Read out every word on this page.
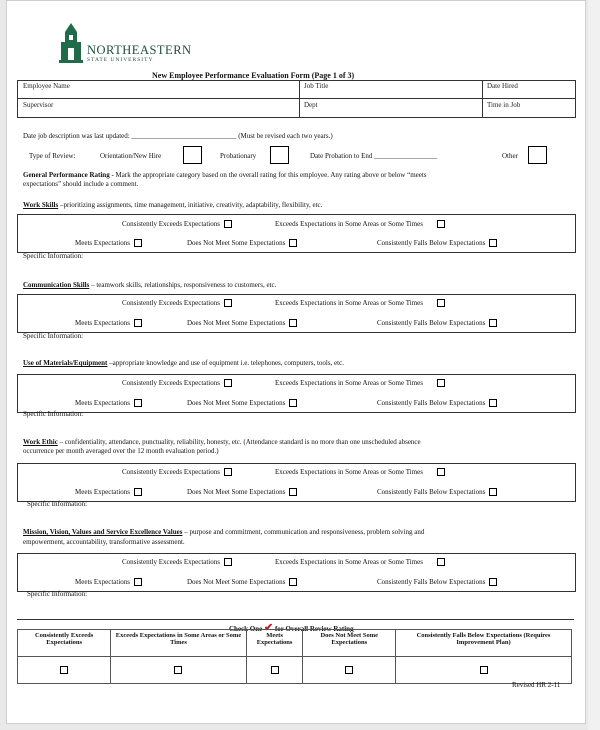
NORTHEASTERN
STATE UNIVERSITY
New Employee Performance Evaluation Form (Page 1 of 3)
Employee Name	Job Title	Date Hired
Supervisor	Dept	Time in Job
Date job description was last updated: ______________________________ (Must be revised each two years.)
Type of Review:	Orientation/New Hire	Probationary	Date Probation to End __________________	Other
General Performance Rating - Mark the appropriate category based on the overall rating for this employee. Any rating above or below “meets
expectations” should include a comment.
Work Skills –prioritizing assignments, time management, initiative, creativity, adaptability, flexibility, etc.
Consistently Exceeds Expectations	Exceeds Expectations in Some Areas or Some Times
Meets Expectations	Does Not Meet Some Expectations	Consistently Falls Below Expectations
Specific Information:
Communication Skills – teamwork skills, relationships, responsiveness to customers, etc.
Consistently Exceeds Expectations	Exceeds Expectations in Some Areas or Some Times
Meets Expectations	Does Not Meet Some Expectations	Consistently Falls Below Expectations
Specific Information:
Use of Materials/Equipment –appropriate knowledge and use of equipment i.e. telephones, computers, tools, etc.
Consistently Exceeds Expectations	Exceeds Expectations in Some Areas or Some Times
Meets Expectations	Does Not Meet Some Expectations	Consistently Falls Below Expectations
Specific Information:
Work Ethic – confidentiality, attendance, punctuality, reliability, honesty, etc. (Attendance standard is no more than one unscheduled absence
occurrence per month averaged over the 12 month evaluation period.)
Consistently Exceeds Expectations	Exceeds Expectations in Some Areas or Some Times
Meets Expectations	Does Not Meet Some Expectations	Consistently Falls Below Expectations
Specific Information:
Mission, Vision, Values and Service Excellence Values – purpose and commitment, communication and responsiveness, problem solving and
empowerment, accountability, transformative assessment.
Consistently Exceeds Expectations	Exceeds Expectations in Some Areas or Some Times
Meets Expectations	Does Not Meet Some Expectations	Consistently Falls Below Expectations
Specific Information:
Check One ✔ for Overall Review Rating
Consistently Exceeds Expectations	Exceeds Expectations in Some Areas or Some Times	Meets Expectations	Does Not Meet Some Expectations	Consistently Falls Below Expectations (Requires Improvement Plan)

Revised HR 2-11
